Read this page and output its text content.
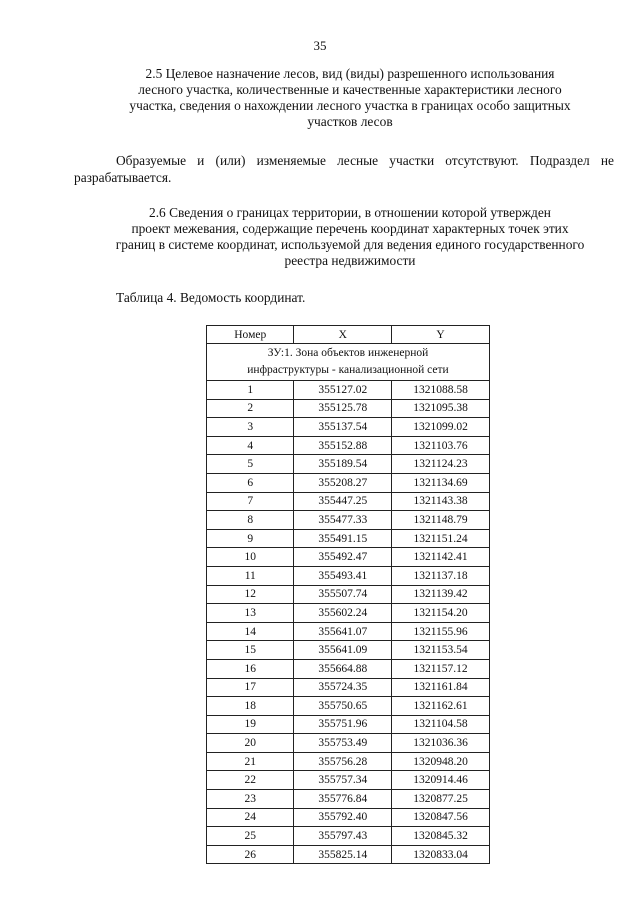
35
2.5 Целевое назначение лесов, вид (виды) разрешенного использования
лесного участка, количественные и качественные характеристики лесного
участка, сведения о нахождении лесного участка в границах особо защитных
участков лесов
Образуемые и (или) изменяемые лесные участки отсутствуют. Подраздел не разрабатывается.
2.6 Сведения о границах территории, в отношении которой утвержден
проект межевания, содержащие перечень координат характерных точек этих
границ в системе координат, используемой для ведения единого государственного
реестра недвижимости
Таблица 4. Ведомость координат.
Номер	X	Y

ЗУ:1. Зона объектов инженерной
инфраструктуры - канализационной сети		

1	355127.02	1321088.58
2	355125.78	1321095.38
3	355137.54	1321099.02
4	355152.88	1321103.76
5	355189.54	1321124.23
6	355208.27	1321134.69
7	355447.25	1321143.38
8	355477.33	1321148.79
9	355491.15	1321151.24
10	355492.47	1321142.41
11	355493.41	1321137.18
12	355507.74	1321139.42
13	355602.24	1321154.20
14	355641.07	1321155.96
15	355641.09	1321153.54
16	355664.88	1321157.12
17	355724.35	1321161.84
18	355750.65	1321162.61
19	355751.96	1321104.58
20	355753.49	1321036.36
21	355756.28	1320948.20
22	355757.34	1320914.46
23	355776.84	1320877.25
24	355792.40	1320847.56
25	355797.43	1320845.32
26	355825.14	1320833.04
